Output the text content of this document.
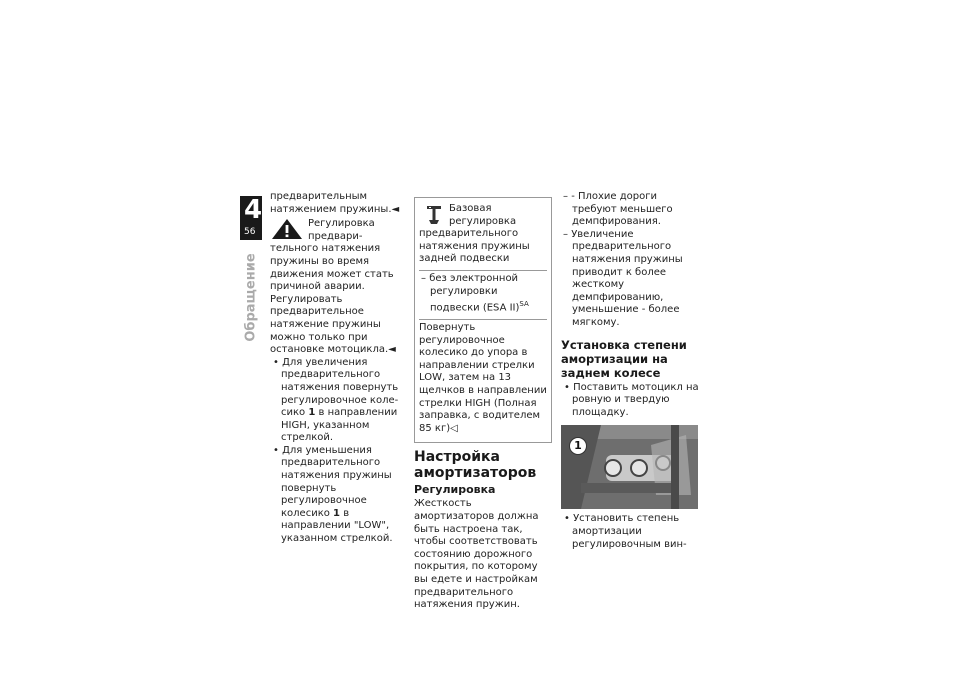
4
56
Обращение

предварительным натяжением пружины.◄

Регулировка предварительного натяжения пружины во время движения может стать причиной аварии.

Регулировать предварительное натяжение пружины можно только при остановке мотоцикла.◄

• Для увеличения предварительного натяжения повернуть регулировочное колесико 1 в направлении HIGH, указанном стрелкой.

• Для уменьшения предварительного натяжения пружины повернуть регулировочное колесико 1 в направлении "LOW", указанном стрелкой.

Базовая регулировка предварительного натяжения пружины задней подвески

– без электронной регулировки подвески (ESA II)$^{SA}$

Повернуть регулировочное колесико до упора в направлении стрелки LOW, затем на 13 щелчков в направлении стрелки HIGH (Полная заправка, с водителем 85 кг)◁
Настройка амортизаторов
Регулировка

Жесткость амортизаторов должна быть настроена так, чтобы соответствовать состоянию дорожного покрытия, по которому вы едете и настройкам предварительного натяжения пружин.

– - Плохие дороги требуют меньшего демпфирования.

– Увеличение предварительного натяжения пружины приводит к более жесткому демпфированию, уменьшение - более мягкому.

Установка степени амортизации на заднем колесе

• Поставить мотоцикл на ровную и твердую площадку.

1

• Установить степень амортизации регулировочным вин-
